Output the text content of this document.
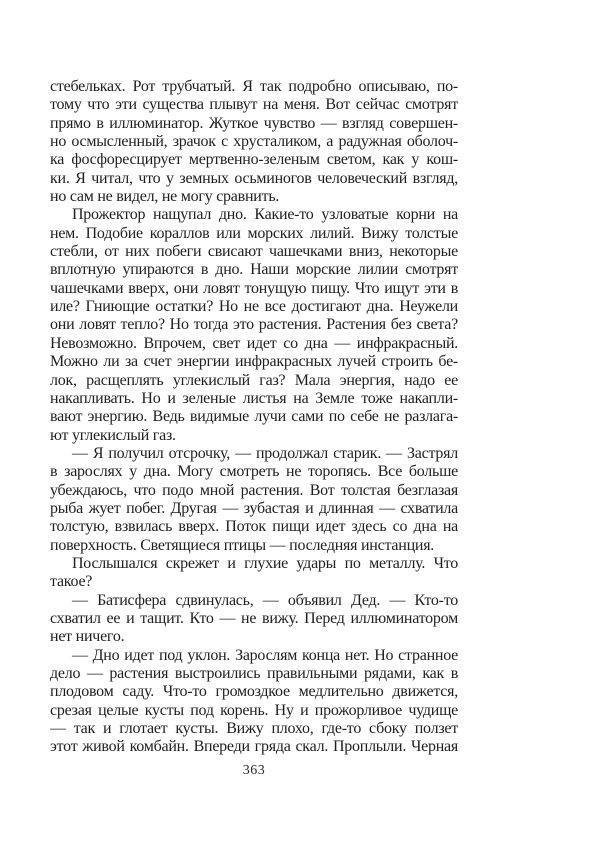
стебельках. Рот трубчатый. Я так подробно описываю, по-
тому что эти существа плывут на меня. Вот сейчас смотрят
прямо в иллюминатор. Жуткое чувство — взгляд совершен-
но осмысленный, зрачок с хрусталиком, а радужная оболоч-
ка фосфоресцирует мертвенно-зеленым светом, как у кош-
ки. Я читал, что у земных осьминогов человеческий взгляд,
но сам не видел, не могу сравнить.
Прожектор нащупал дно. Какие-то узловатые корни на
нем. Подобие кораллов или морских лилий. Вижу толстые
стебли, от них побеги свисают чашечками вниз, некоторые
вплотную упираются в дно. Наши морские лилии смотрят
чашечками вверх, они ловят тонущую пищу. Что ищут эти в
иле? Гниющие остатки? Но не все достигают дна. Неужели
они ловят тепло? Но тогда это растения. Растения без света?
Невозможно. Впрочем, свет идет со дна — инфракрасный.
Можно ли за счет энергии инфракрасных лучей строить бе-
лок, расщеплять углекислый газ? Мала энергия, надо ее
накапливать. Но и зеленые листья на Земле тоже накапли-
вают энергию. Ведь видимые лучи сами по себе не разлага-
ют углекислый газ.
— Я получил отсрочку, — продолжал старик. — Застрял
в зарослях у дна. Могу смотреть не торопясь. Все больше
убеждаюсь, что подо мной растения. Вот толстая безглазая
рыба жует побег. Другая — зубастая и длинная — схватила
толстую, взвилась вверх. Поток пищи идет здесь со дна на
поверхность. Светящиеся птицы — последняя инстанция.
Послышался скрежет и глухие удары по металлу. Что
такое?
— Батисфера сдвинулась, — объявил Дед. — Кто-то
схватил ее и тащит. Кто — не вижу. Перед иллюминатором
нет ничего.
— Дно идет под уклон. Зарослям конца нет. Но странное
дело — растения выстроились правильными рядами, как в
плодовом саду. Что-то громоздкое медлительно движется,
срезая целые кусты под корень. Ну и прожорливое чудище
— так и глотает кусты. Вижу плохо, где-то сбоку ползет
этот живой комбайн. Впереди гряда скал. Проплыли. Черная
363
